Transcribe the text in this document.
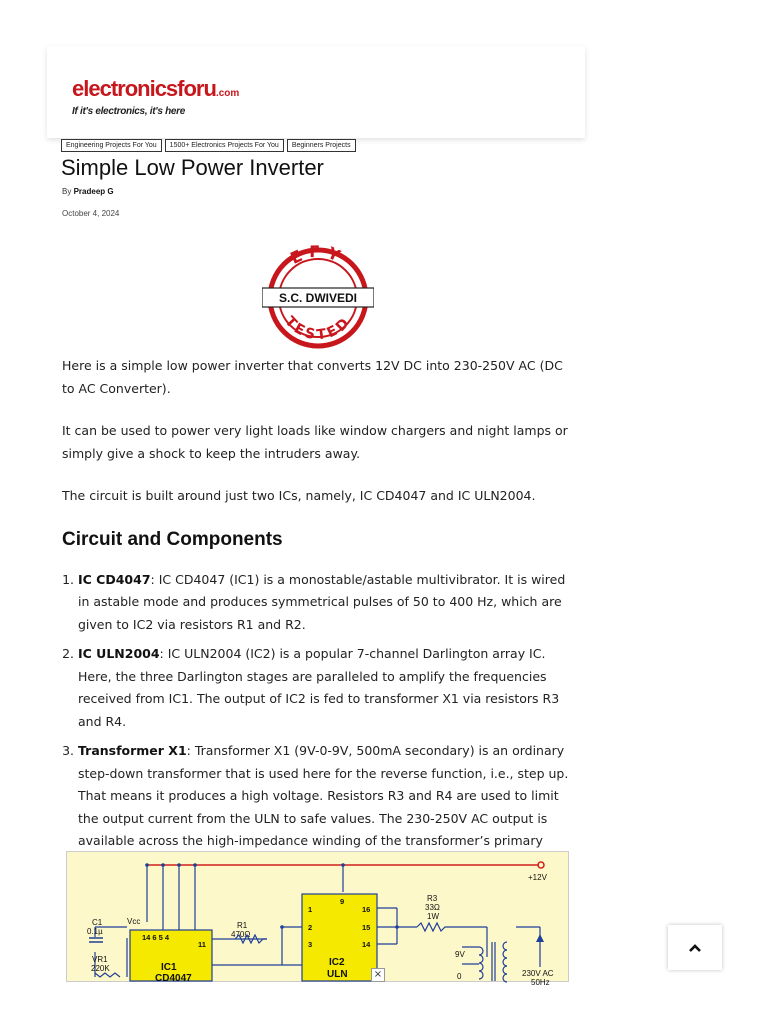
electronicsforu.com
If it's electronics, it's here
Engineering Projects For You	1500+ Electronics Projects For You	Beginners Projects
Simple Low Power Inverter
By Pradeep G
October 4, 2024
EFY
TESTED
S.C. DWIVEDI

Here is a simple low power inverter that converts 12V DC into 230-250V AC (DC to AC Converter).

It can be used to power very light loads like window chargers and night lamps or simply give a shock to keep the intruders away.

The circuit is built around just two ICs, namely, IC CD4047 and IC ULN2004.

Circuit and Components
1. IC CD4047: IC CD4047 (IC1) is a monostable/astable multivibrator. It is wired in astable mode and produces symmetrical pulses of 50 to 400 Hz, which are given to IC2 via resistors R1 and R2.
2. IC ULN2004: IC ULN2004 (IC2) is a popular 7-channel Darlington array IC. Here, the three Darlington stages are paralleled to amplify the frequencies received from IC1. The output of IC2 is fed to transformer X1 via resistors R3 and R4.
3. Transformer X1: Transformer X1 (9V-0-9V, 500mA secondary) is an ordinary step-down transformer that is used here for the reverse function, i.e., step up. That means it produces a high voltage. Resistors R3 and R4 are used to limit the output current from the ULN to safe values. The 230-250V AC output is available across the high-impedance winding of the transformer’s primary
+12V
14 6 5 4
11
IC1
CD4047
C1
0.1µ
Vcc
VR1
220K
R1
470Ω
9
1
2
3
16
15
14
IC2
ULN
R3
33Ω
1W
9V
0	230V AC
50Hz
×
